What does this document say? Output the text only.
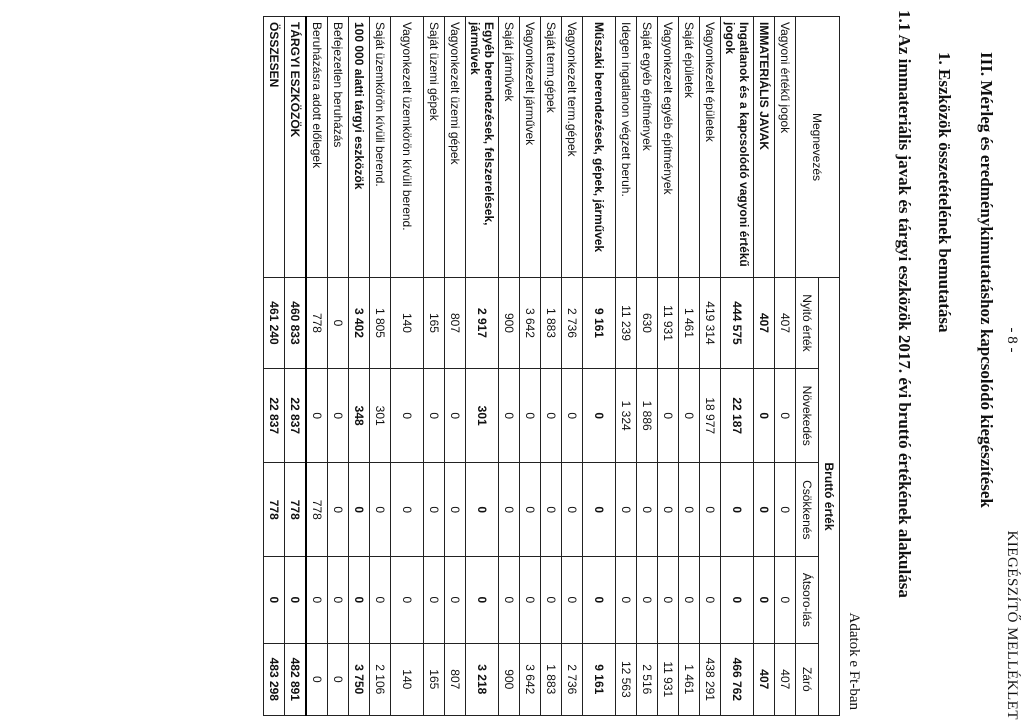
- 8 -
KIEGÉSZÍTŐ MELLÉKLET
III. Mérleg és eredménykimutatáshoz kapcsolódó kiegészítések
1. Eszközök összetételének bemutatása
1.1 Az immateriális javak és tárgyi eszközök 2017. évi bruttó értékének alakulása
Adatok e Ft-ban
Megnevezés	Bruttó érték				
	Nyitó érték	Növekedés	Csökkenés	Átsoro-lás	Záró
Vagyoni értékű jogok	407	0	0	0	407
IMMATERIÁLIS JAVAK	407	0	0	0	407
Ingatlanok és a kapcsolódó vagyoni értékű jogok	444 575	22 187	0	0	466 762
Vagyonkezelt épületek	419 314	18 977	0	0	438 291
Saját épületek	1 461	0	0	0	1 461
Vagyonkezelt egyéb építmények	11 931	0	0	0	11 931
Saját egyéb építmények	630	1 886	0	0	2 516
Idegen ingatlanon végzett beruh.	11 239	1 324	0	0	12 563
Műszaki berendezések, gépek, járművek	9 161	0	0	0	9 161
Vagyonkezelt term.gépek	2 736	0	0	0	2 736
Saját term.gépek	1 883	0	0	0	1 883
Vagyonkezelt járművek	3 642	0	0	0	3 642
Saját járművek	900	0	0	0	900
Egyéb berendezések, felszerelések, járművek	2 917	301	0	0	3 218
Vagyonkezelt üzemi gépek	807	0	0	0	807
Saját üzemi gépek	165	0	0	0	165
Vagyonkezelt üzemkörön kívüli berend.	140	0	0	0	140
Saját üzemkörön kívüli berend.	1 805	301	0	0	2 106
100 000 alatti tárgyi eszközök	3 402	348	0	0	3 750
Befejezetlen beruházás	0	0	0	0	0
Beruházásra adott előlegek	778	0	778	0	0
TÁRGYI ESZKÖZÖK	460 833	22 837	778	0	482 891
ÖSSZESEN	461 240	22 837	778	0	483 298
